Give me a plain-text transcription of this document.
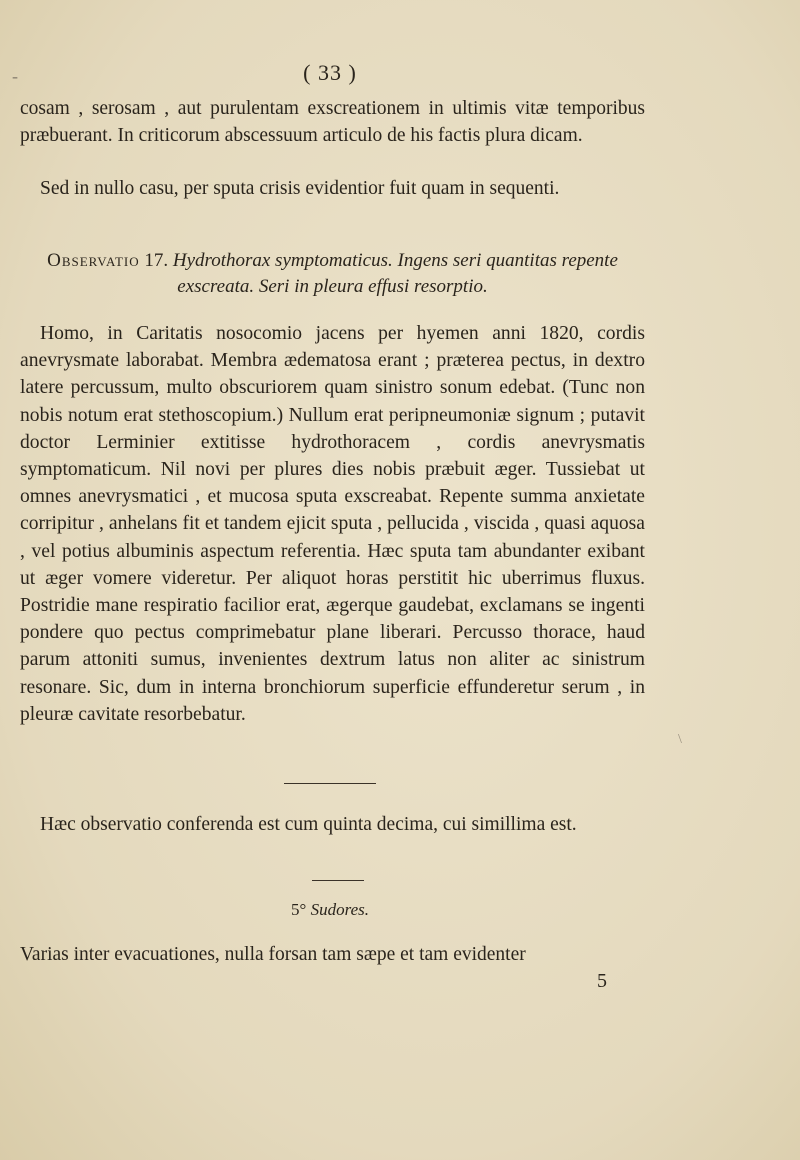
-	( 33 )

cosam , serosam , aut purulentam exscreationem in ultimis vitæ temporibus præbuerant. In criticorum abscessuum articulo de his factis plura dicam.

Sed in nullo casu, per sputa crisis evidentior fuit quam in sequenti.

Observatio 17. Hydrothorax symptomaticus. Ingens seri quantitas repente exscreata. Seri in pleura effusi resorptio.

Homo, in Caritatis nosocomio jacens per hyemen anni 1820, cordis anevrysmate laborabat. Membra ædematosa erant ; præterea pectus, in dextro latere percussum, multo obscuriorem quam sinistro sonum edebat. (Tunc non nobis notum erat stethoscopium.) Nullum erat peripneumoniæ signum ; putavit doctor Lerminier extitisse hydrothoracem , cordis anevrysmatis symptomaticum. Nil novi per plures dies nobis præbuit æger. Tussiebat ut omnes anevrysmatici , et mucosa sputa exscreabat. Repente summa anxietate corripitur , anhelans fit et tandem ejicit sputa , pellucida , viscida , quasi aquosa , vel potius albuminis aspectum referentia. Hæc sputa tam abundanter exibant ut æger vomere videretur. Per aliquot horas perstitit hic uberrimus fluxus. Postridie mane respiratio facilior erat, ægerque gaudebat, exclamans se ingenti pondere quo pectus comprimebatur plane liberari. Percusso thorace, haud parum attoniti sumus, invenientes dextrum latus non aliter ac sinistrum resonare. Sic, dum in interna bronchiorum superficie effunderetur serum , in pleuræ cavitate resorbebatur.

Hæc observatio conferenda est cum quinta decima, cui simillima est.

5° Sudores.

Varias inter evacuationes, nulla forsan tam sæpe et tam evidenter

5
\
